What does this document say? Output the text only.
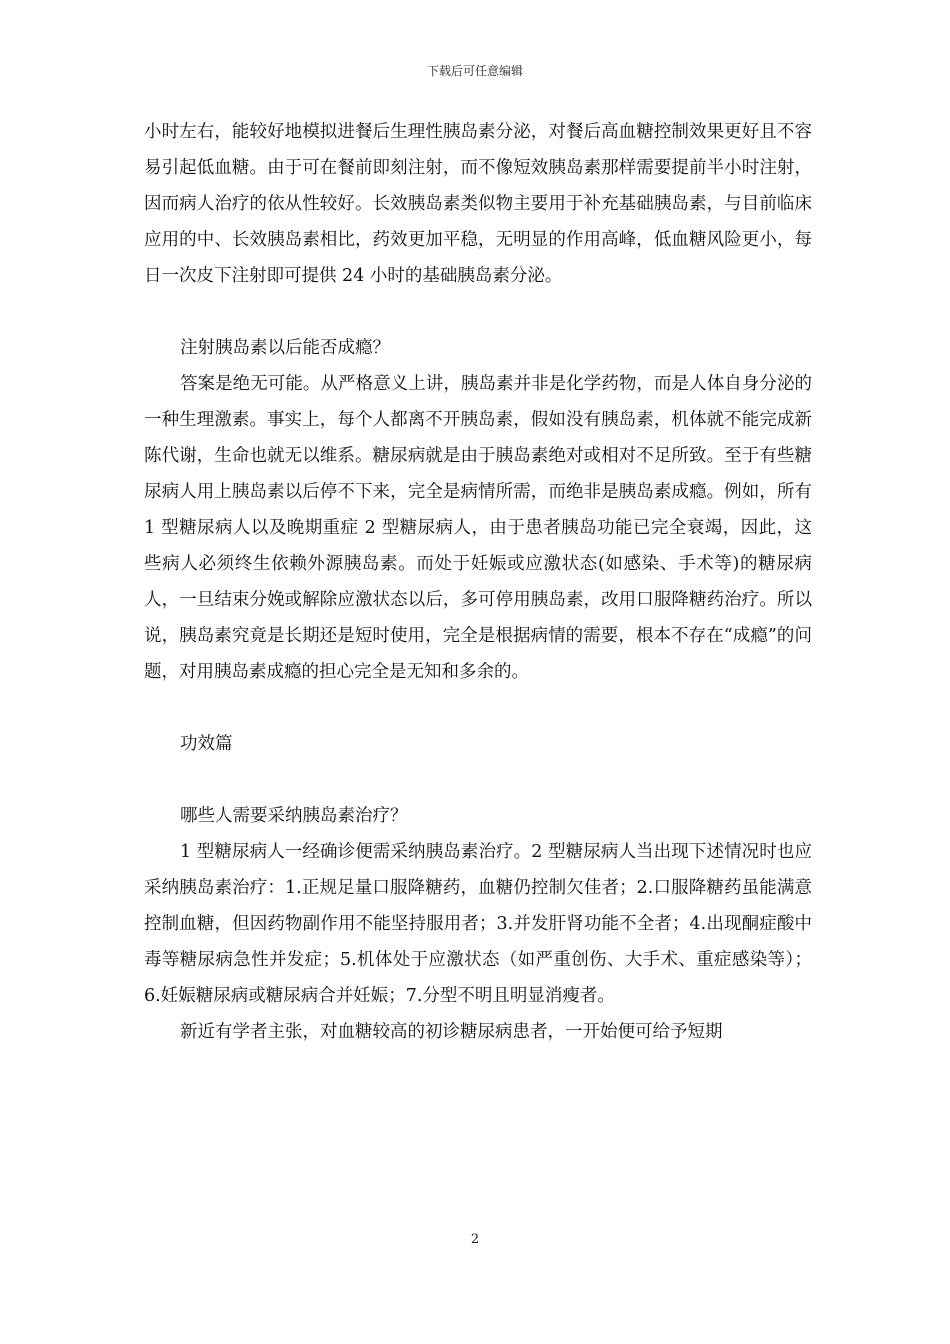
下载后可任意编辑

小时左右，能较好地模拟进餐后生理性胰岛素分泌，对餐后高血糖控制效果更好且不容易引起低血糖。由于可在餐前即刻注射，而不像短效胰岛素那样需要提前半小时注射，因而病人治疗的依从性较好。长效胰岛素类似物主要用于补充基础胰岛素，与目前临床应用的中、长效胰岛素相比，药效更加平稳，无明显的作用高峰，低血糖风险更小，每日一次皮下注射即可提供 24 小时的基础胰岛素分泌。

注射胰岛素以后能否成瘾？

答案是绝无可能。从严格意义上讲，胰岛素并非是化学药物，而是人体自身分泌的一种生理激素。事实上，每个人都离不开胰岛素，假如没有胰岛素，机体就不能完成新陈代谢，生命也就无以维系。糖尿病就是由于胰岛素绝对或相对不足所致。至于有些糖尿病人用上胰岛素以后停不下来，完全是病情所需，而绝非是胰岛素成瘾。例如，所有 1 型糖尿病人以及晚期重症 2 型糖尿病人，由于患者胰岛功能已完全衰竭，因此，这些病人必须终生依赖外源胰岛素。而处于妊娠或应激状态(如感染、手术等)的糖尿病人，一旦结束分娩或解除应激状态以后，多可停用胰岛素，改用口服降糖药治疗。所以说，胰岛素究竟是长期还是短时使用，完全是根据病情的需要，根本不存在“成瘾”的问题，对用胰岛素成瘾的担心完全是无知和多余的。

功效篇

哪些人需要采纳胰岛素治疗？

1 型糖尿病人一经确诊便需采纳胰岛素治疗。2 型糖尿病人当出现下述情况时也应采纳胰岛素治疗：1.正规足量口服降糖药，血糖仍控制欠佳者；2.口服降糖药虽能满意控制血糖，但因药物副作用不能坚持服用者；3.并发肝肾功能不全者；4.出现酮症酸中毒等糖尿病急性并发症；5.机体处于应激状态（如严重创伤、大手术、重症感染等）；6.妊娠糖尿病或糖尿病合并妊娠；7.分型不明且明显消瘦者。

新近有学者主张，对血糖较高的初诊糖尿病患者，一开始便可给予短期

2
